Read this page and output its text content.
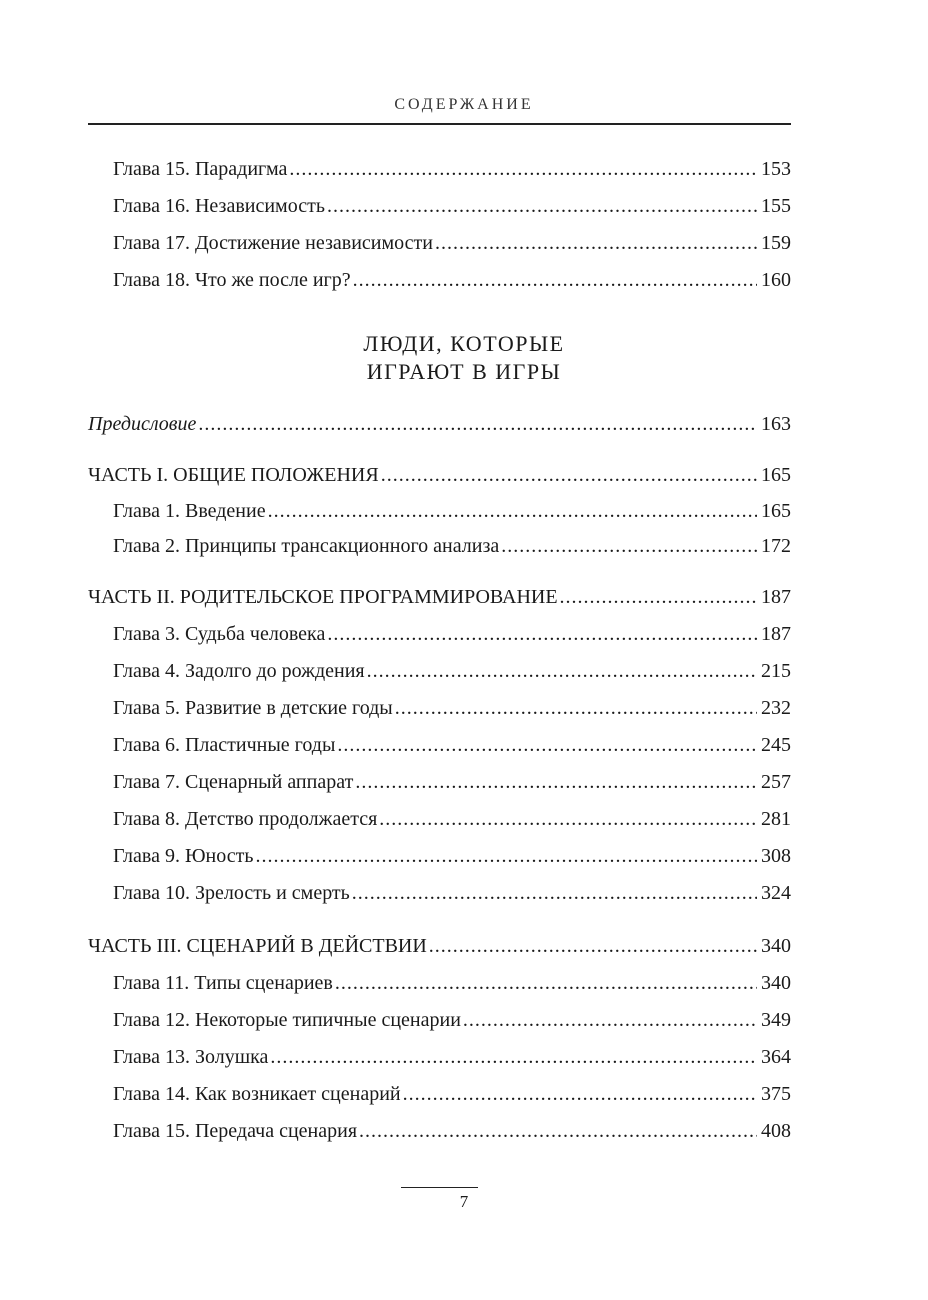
СОДЕРЖАНИЕ
Глава 15. Парадигма .....	153
Глава 16. Независимость .....	155
Глава 17. Достижение независимости .....	159
Глава 18. Что же после игр? .....	160
ЛЮДИ, КОТОРЫЕ
ИГРАЮТ В ИГРЫ
Предисловие .....	163
ЧАСТЬ I. ОБЩИЕ ПОЛОЖЕНИЯ .....	165
Глава 1. Введение .....	165
Глава 2. Принципы трансакционного анализа .....	172
ЧАСТЬ II. РОДИТЕЛЬСКОЕ ПРОГРАММИРОВАНИЕ .....	187
Глава 3. Судьба человека .....	187
Глава 4. Задолго до рождения .....	215
Глава 5. Развитие в детские годы .....	232
Глава 6. Пластичные годы .....	245
Глава 7. Сценарный аппарат .....	257
Глава 8. Детство продолжается .....	281
Глава 9. Юность .....	308
Глава 10. Зрелость и смерть .....	324
ЧАСТЬ III. СЦЕНАРИЙ В ДЕЙСТВИИ .....	340
Глава 11. Типы сценариев .....	340
Глава 12. Некоторые типичные сценарии .....	349
Глава 13. Золушка .....	364
Глава 14. Как возникает сценарий .....	375
Глава 15. Передача сценария .....	408
7
